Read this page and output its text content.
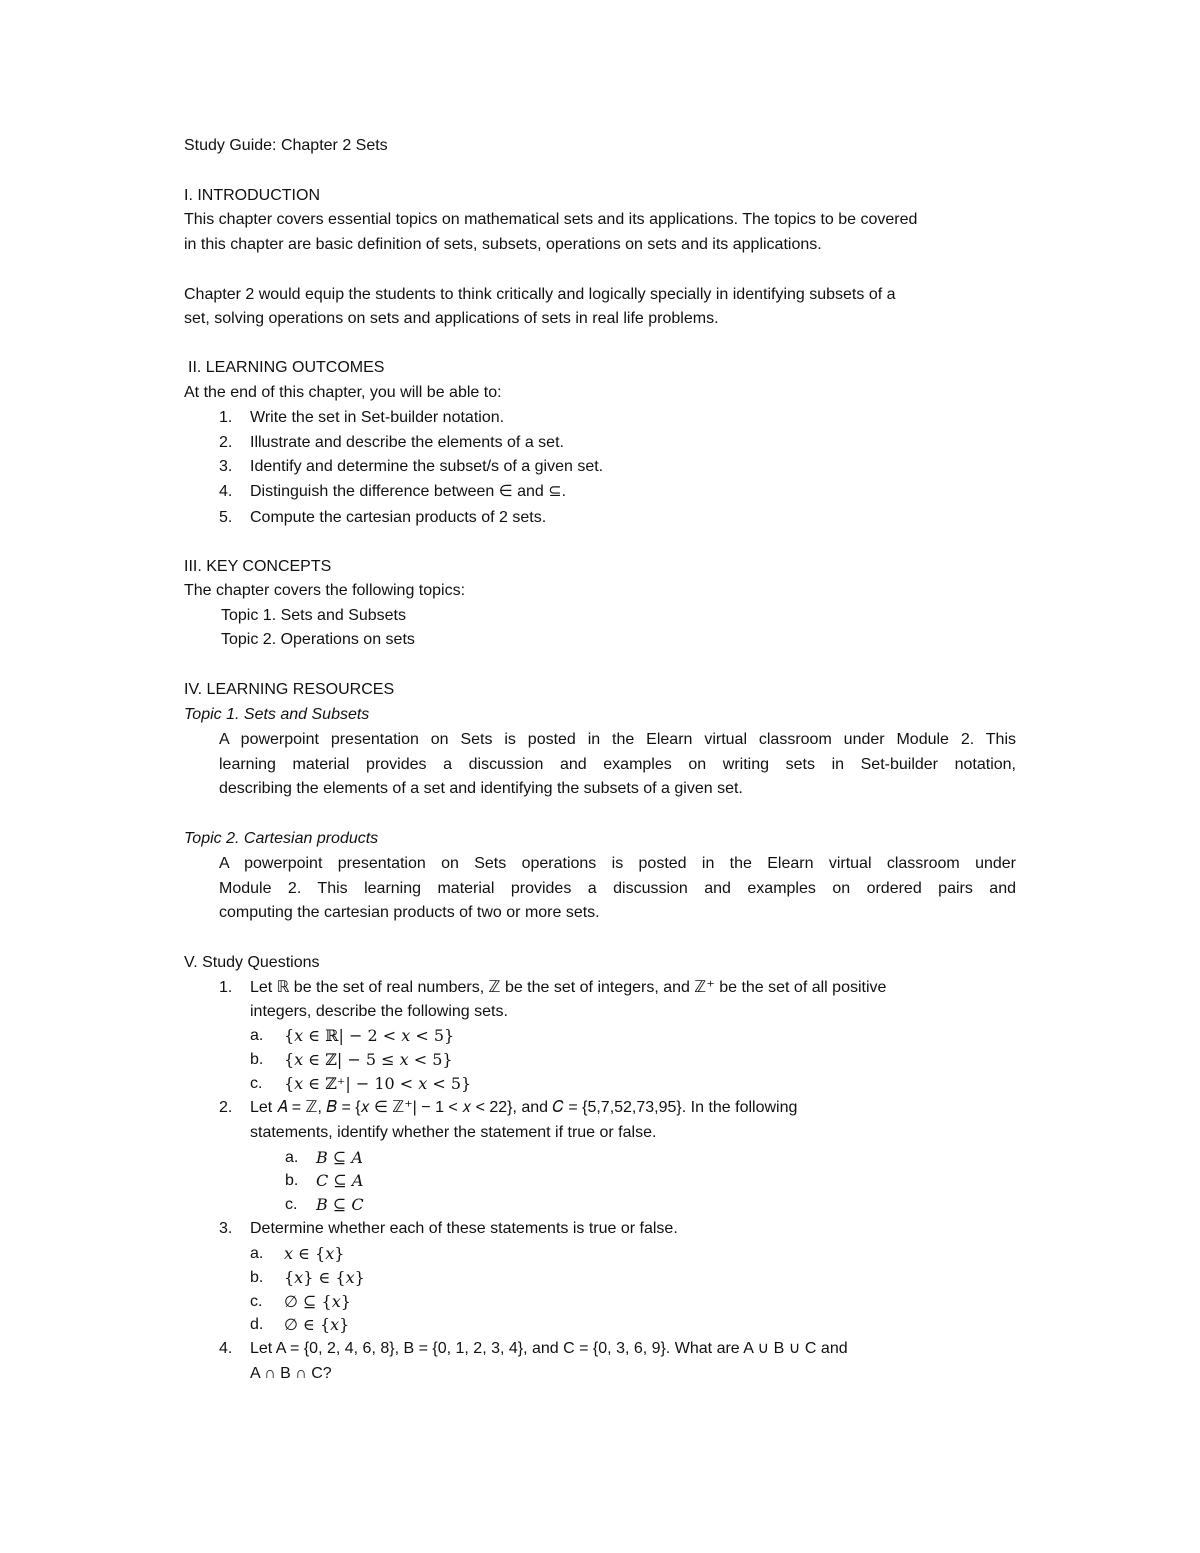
Study Guide: Chapter 2 Sets
I. INTRODUCTION
This chapter covers essential topics on mathematical sets and its applications. The topics to be covered
in this chapter are basic definition of sets, subsets, operations on sets and its applications.
Chapter 2 would equip the students to think critically and logically specially in identifying subsets of a
set, solving operations on sets and applications of sets in real life problems.
II. LEARNING OUTCOMES
At the end of this chapter, you will be able to:
1.	Write the set in Set-builder notation.
2.	Illustrate and describe the elements of a set.
3.	Identify and determine the subset/s of a given set.
4.	Distinguish the difference between ∈ and ⊆.
5.	Compute the cartesian products of 2 sets.
III. KEY CONCEPTS
The chapter covers the following topics:
Topic 1. Sets and Subsets
Topic 2. Operations on sets
IV. LEARNING RESOURCES
Topic 1. Sets and Subsets
A powerpoint presentation on Sets is posted in the Elearn virtual classroom under Module 2. This
learning material provides a discussion and examples on writing sets in Set-builder notation,
describing the elements of a set and identifying the subsets of a given set.
Topic 2. Cartesian products
A powerpoint presentation on Sets operations is posted in the Elearn virtual classroom under
Module 2. This learning material provides a discussion and examples on ordered pairs and
computing the cartesian products of two or more sets.
V. Study Questions
1.	Let ℝ be the set of real numbers, ℤ be the set of integers, and ℤ⁺ be the set of all positive
integers, describe the following sets.
a.	{𝑥 ∈ ℝ| − 2 < 𝑥 < 5}
b.	{𝑥 ∈ ℤ| − 5 ≤ 𝑥 < 5}
c.	{𝑥 ∈ ℤ⁺| − 10 < 𝑥 < 5}
2.	Let 𝐴 = ℤ, 𝐵 = {𝑥 ∈ ℤ⁺| − 1 < 𝑥 < 22}, and 𝐶 = {5,7,52,73,95}. In the following
statements, identify whether the statement if true or false.
a.	𝐵 ⊆ 𝐴
b.	𝐶 ⊆ 𝐴
c.	𝐵 ⊆ 𝐶
3.	Determine whether each of these statements is true or false.
a.	𝑥 ∈ {𝑥}
b.	{𝑥} ∈ {𝑥}
c.	∅ ⊆ {𝑥}
d.	∅ ∈ {𝑥}
4.	Let A = {0, 2, 4, 6, 8}, B = {0, 1, 2, 3, 4}, and C = {0, 3, 6, 9}. What are A ∪ B ∪ C and
A ∩ B ∩ C?
